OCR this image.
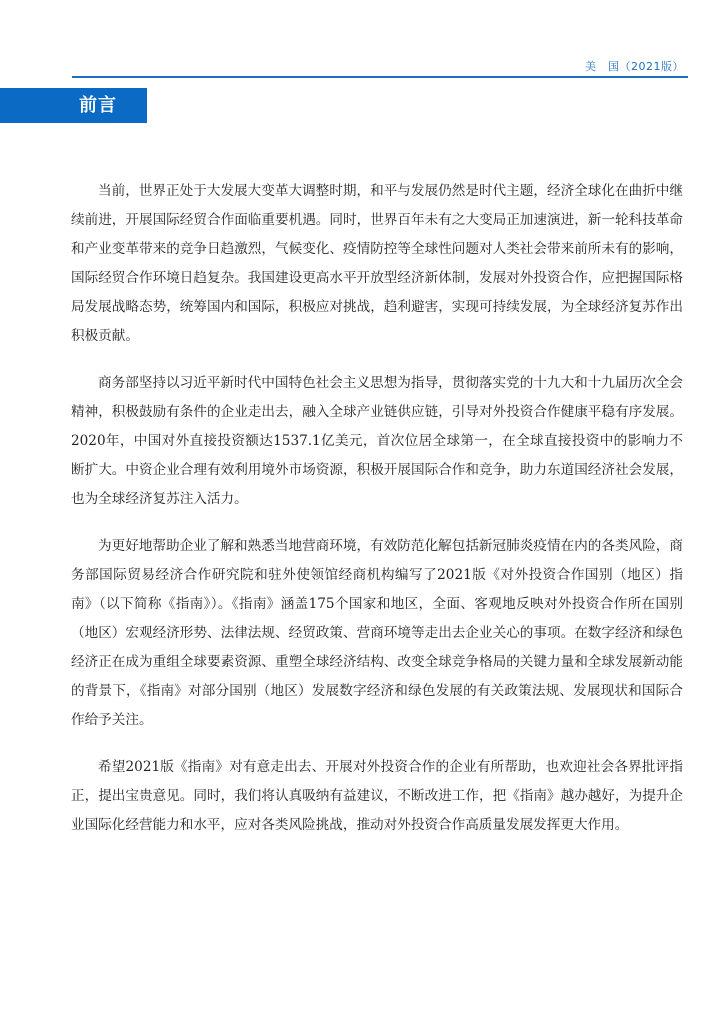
美　国（2021版）
前言

当前，世界正处于大发展大变革大调整时期，和平与发展仍然是时代主题，经济全球化在曲折中继续前进，开展国际经贸合作面临重要机遇。同时，世界百年未有之大变局正加速演进，新一轮科技革命和产业变革带来的竞争日趋激烈，气候变化、疫情防控等全球性问题对人类社会带来前所未有的影响，国际经贸合作环境日趋复杂。我国建设更高水平开放型经济新体制，发展对外投资合作，应把握国际格局发展战略态势，统筹国内和国际，积极应对挑战，趋利避害，实现可持续发展，为全球经济复苏作出积极贡献。

商务部坚持以习近平新时代中国特色社会主义思想为指导，贯彻落实党的十九大和十九届历次全会精神，积极鼓励有条件的企业走出去，融入全球产业链供应链，引导对外投资合作健康平稳有序发展。2020年，中国对外直接投资额达1537.1亿美元，首次位居全球第一，在全球直接投资中的影响力不断扩大。中资企业合理有效利用境外市场资源，积极开展国际合作和竞争，助力东道国经济社会发展，也为全球经济复苏注入活力。

为更好地帮助企业了解和熟悉当地营商环境，有效防范化解包括新冠肺炎疫情在内的各类风险，商务部国际贸易经济合作研究院和驻外使领馆经商机构编写了2021版《对外投资合作国别（地区）指南》（以下简称《指南》）。《指南》涵盖175个国家和地区，全面、客观地反映对外投资合作所在国别（地区）宏观经济形势、法律法规、经贸政策、营商环境等走出去企业关心的事项。在数字经济和绿色经济正在成为重组全球要素资源、重塑全球经济结构、改变全球竞争格局的关键力量和全球发展新动能的背景下，《指南》对部分国别（地区）发展数字经济和绿色发展的有关政策法规、发展现状和国际合作给予关注。

希望2021版《指南》对有意走出去、开展对外投资合作的企业有所帮助，也欢迎社会各界批评指正，提出宝贵意见。同时，我们将认真吸纳有益建议，不断改进工作，把《指南》越办越好，为提升企业国际化经营能力和水平，应对各类风险挑战，推动对外投资合作高质量发展发挥更大作用。
